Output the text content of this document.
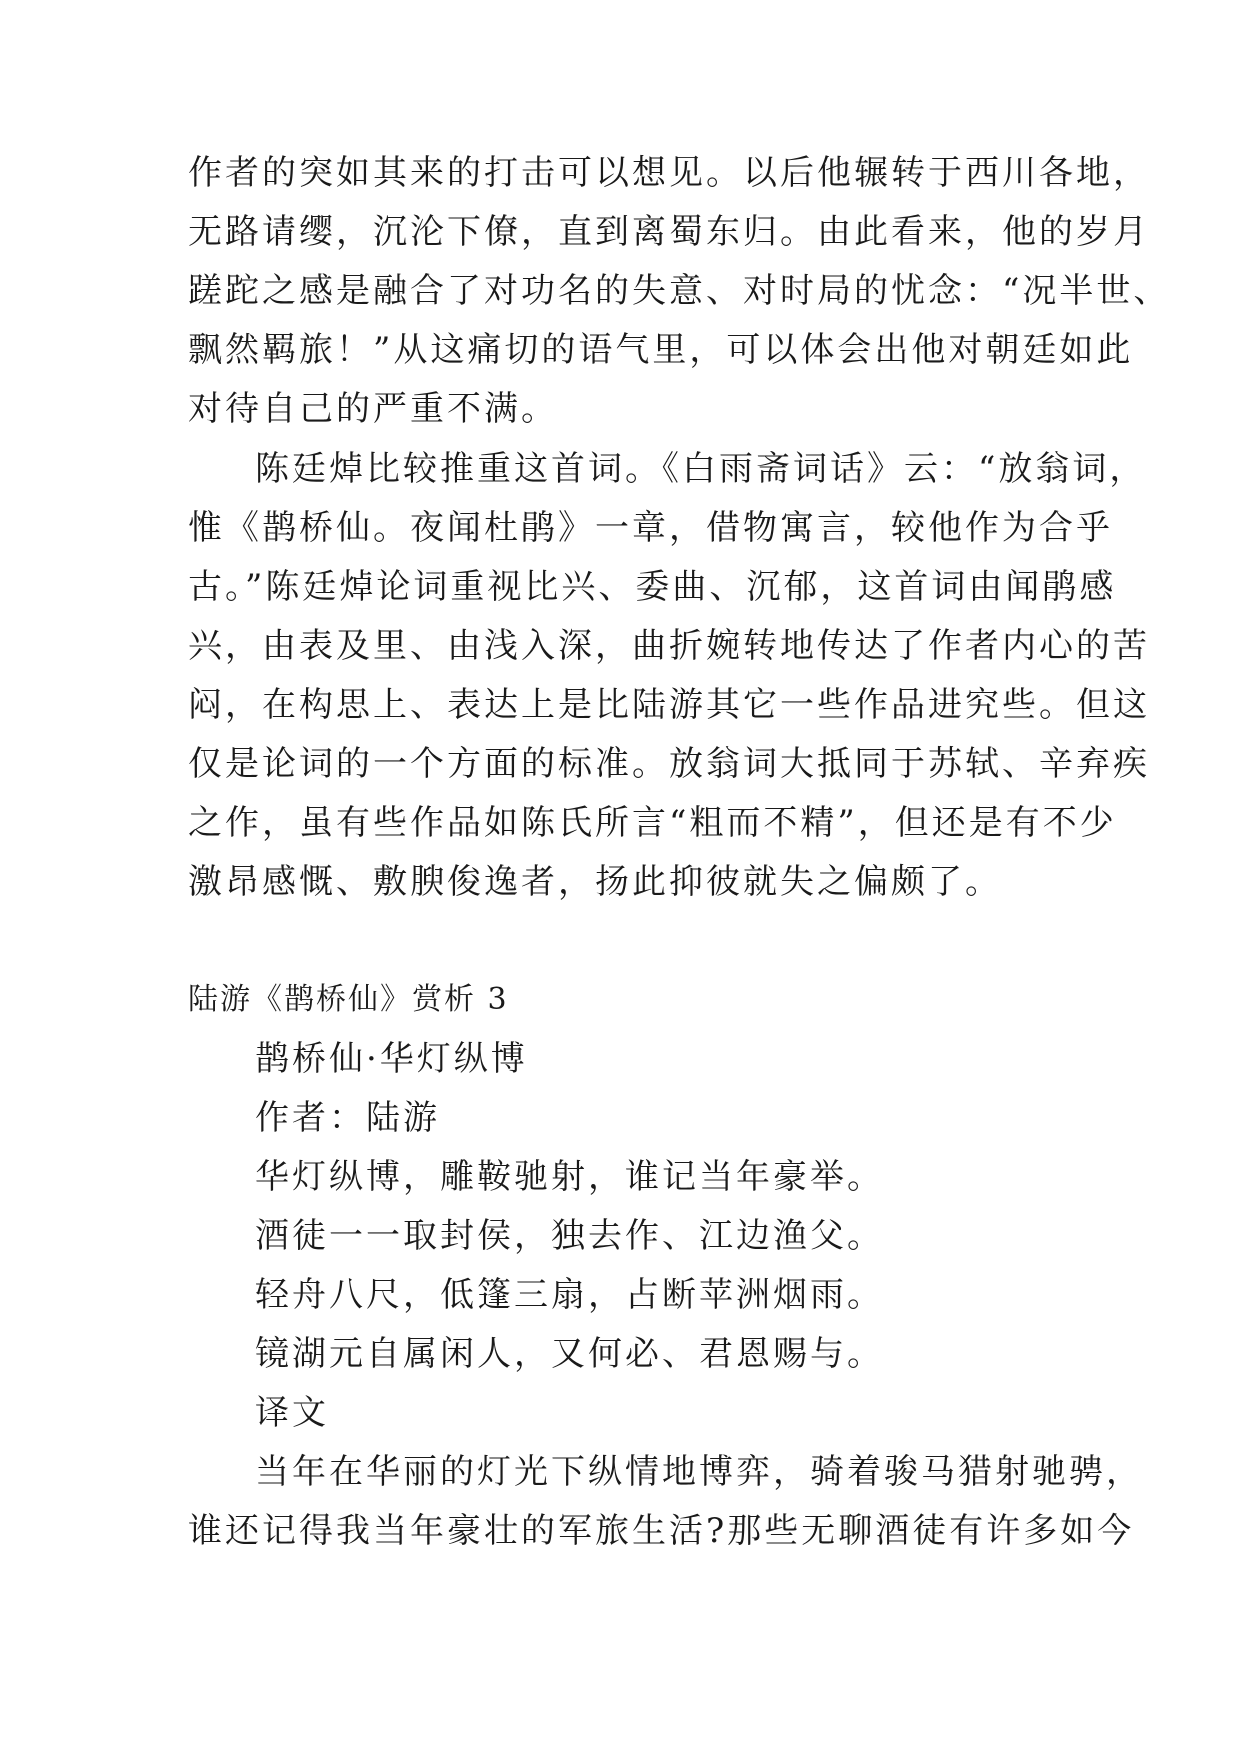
作者的突如其来的打击可以想见。以后他辗转于西川各地，
无路请缨，沉沦下僚，直到离蜀东归。由此看来，他的岁月
蹉跎之感是融合了对功名的失意、对时局的忧念：“况半世、
飘然羁旅！”从这痛切的语气里，可以体会出他对朝廷如此
对待自己的严重不满。
陈廷焯比较推重这首词。《白雨斋词话》云：“放翁词，
惟《鹊桥仙。夜闻杜鹃》一章，借物寓言，较他作为合乎
古。”陈廷焯论词重视比兴、委曲、沉郁，这首词由闻鹃感
兴，由表及里、由浅入深，曲折婉转地传达了作者内心的苦
闷，在构思上、表达上是比陆游其它一些作品进究些。但这
仅是论词的一个方面的标准。放翁词大抵同于苏轼、辛弃疾
之作，虽有些作品如陈氏所言“粗而不精”，但还是有不少
激昂感慨、敷腴俊逸者，扬此抑彼就失之偏颇了。
陆游《鹊桥仙》赏析 3
鹊桥仙·华灯纵博
作者：陆游
华灯纵博，雕鞍驰射，谁记当年豪举。
酒徒一一取封侯，独去作、江边渔父。
轻舟八尺，低篷三扇，占断苹洲烟雨。
镜湖元自属闲人，又何必、君恩赐与。
译文
当年在华丽的灯光下纵情地博弈，骑着骏马猎射驰骋，
谁还记得我当年豪壮的军旅生活?那些无聊酒徒有许多如今
